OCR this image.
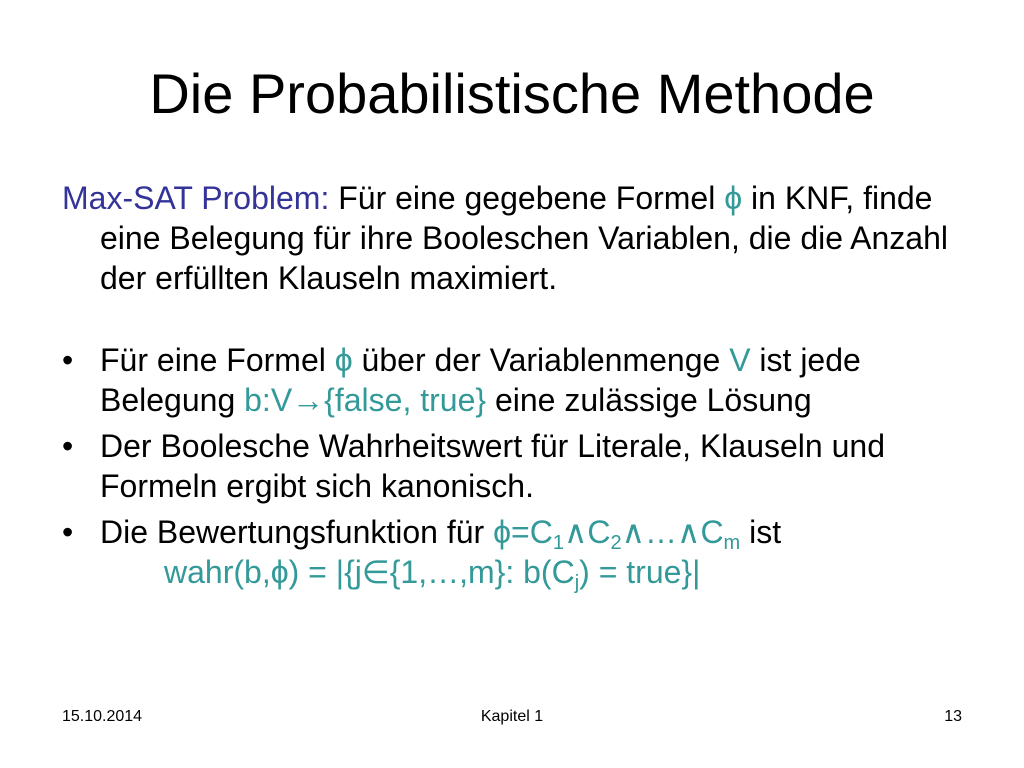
Die Probabilistische Methode

Max-SAT Problem: Für eine gegebene Formel ϕ in KNF, finde eine Belegung für ihre Booleschen Variablen, die die Anzahl der erfüllten Klauseln maximiert.

• Für eine Formel ϕ über der Variablenmenge V ist jede Belegung b:V→{false, true} eine zulässige Lösung

• Der Boolesche Wahrheitswert für Literale, Klauseln und Formeln ergibt sich kanonisch.

• Die Bewertungsfunktion für $\phi=C_1\wedge C_2\wedge\dots\wedge C_m$ ist

wahr(b,ϕ) = |{j∈{1,…,m}: $b(C_j)$ = true}|
15.10.2014	Kapitel 1	13
